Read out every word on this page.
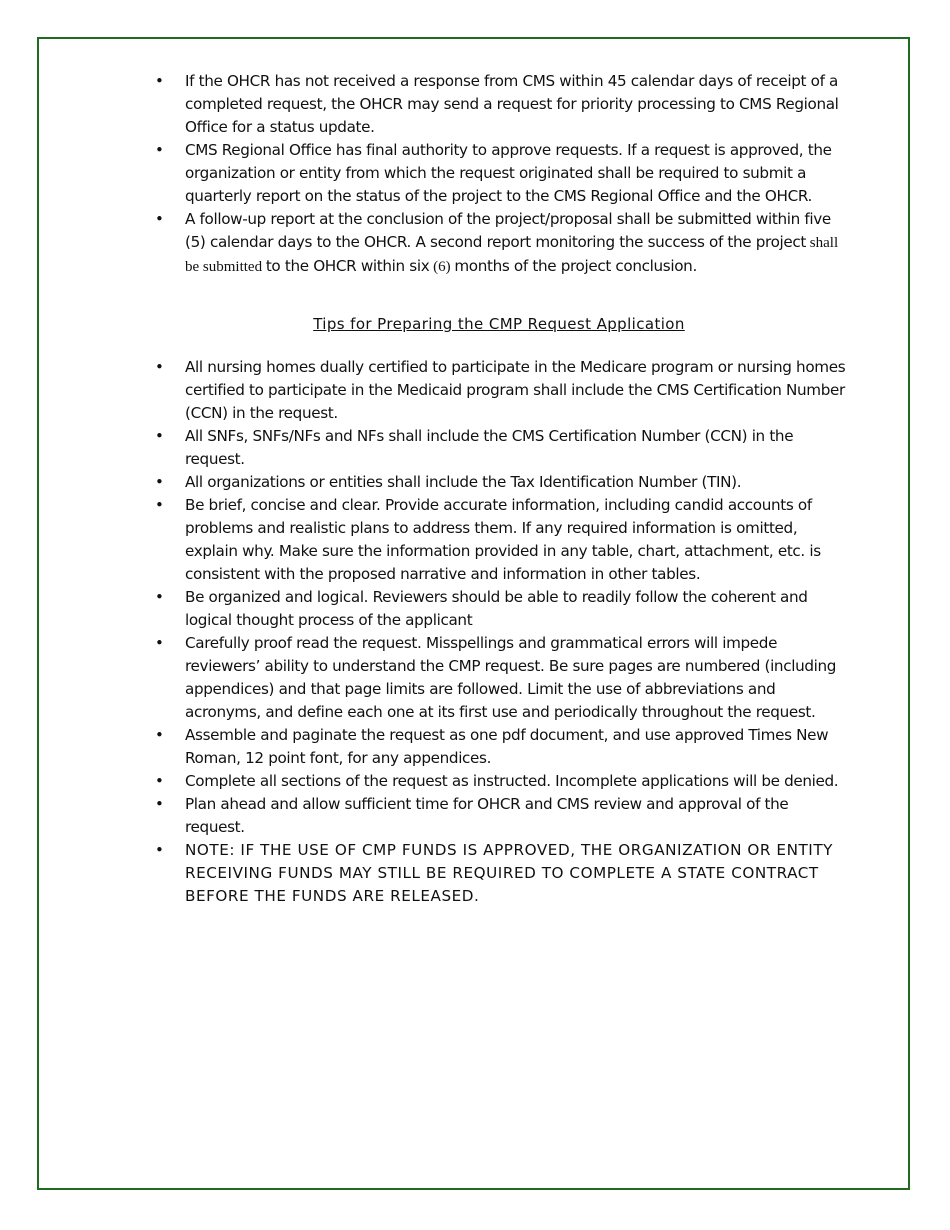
• If the OHCR has not received a response from CMS within 45 calendar days of receipt of a completed request, the OHCR may send a request for priority processing to CMS Regional Office for a status update.
• CMS Regional Office has final authority to approve requests. If a request is approved, the organization or entity from which the request originated shall be required to submit a quarterly report on the status of the project to the CMS Regional Office and the OHCR.
• A follow-up report at the conclusion of the project/proposal shall be submitted within five (5) calendar days to the OHCR. A second report monitoring the success of the project shall be submitted to the OHCR within six (6) months of the project conclusion.
Tips for Preparing the CMP Request Application
• All nursing homes dually certified to participate in the Medicare program or nursing homes certified to participate in the Medicaid program shall include the CMS Certification Number (CCN) in the request.
• All SNFs, SNFs/NFs and NFs shall include the CMS Certification Number (CCN) in the request.
• All organizations or entities shall include the Tax Identification Number (TIN).
• Be brief, concise and clear. Provide accurate information, including candid accounts of problems and realistic plans to address them. If any required information is omitted, explain why. Make sure the information provided in any table, chart, attachment, etc. is consistent with the proposed narrative and information in other tables.
• Be organized and logical. Reviewers should be able to readily follow the coherent and logical thought process of the applicant
• Carefully proof read the request. Misspellings and grammatical errors will impede reviewers’ ability to understand the CMP request. Be sure pages are numbered (including appendices) and that page limits are followed. Limit the use of abbreviations and acronyms, and define each one at its first use and periodically throughout the request.
• Assemble and paginate the request as one pdf document, and use approved Times New Roman, 12 point font, for any appendices.
• Complete all sections of the request as instructed. Incomplete applications will be denied.
• Plan ahead and allow sufficient time for OHCR and CMS review and approval of the request.
• NOTE: IF THE USE OF CMP FUNDS IS APPROVED, THE ORGANIZATION OR ENTITY RECEIVING FUNDS MAY STILL BE REQUIRED TO COMPLETE A STATE CONTRACT BEFORE THE FUNDS ARE RELEASED.
